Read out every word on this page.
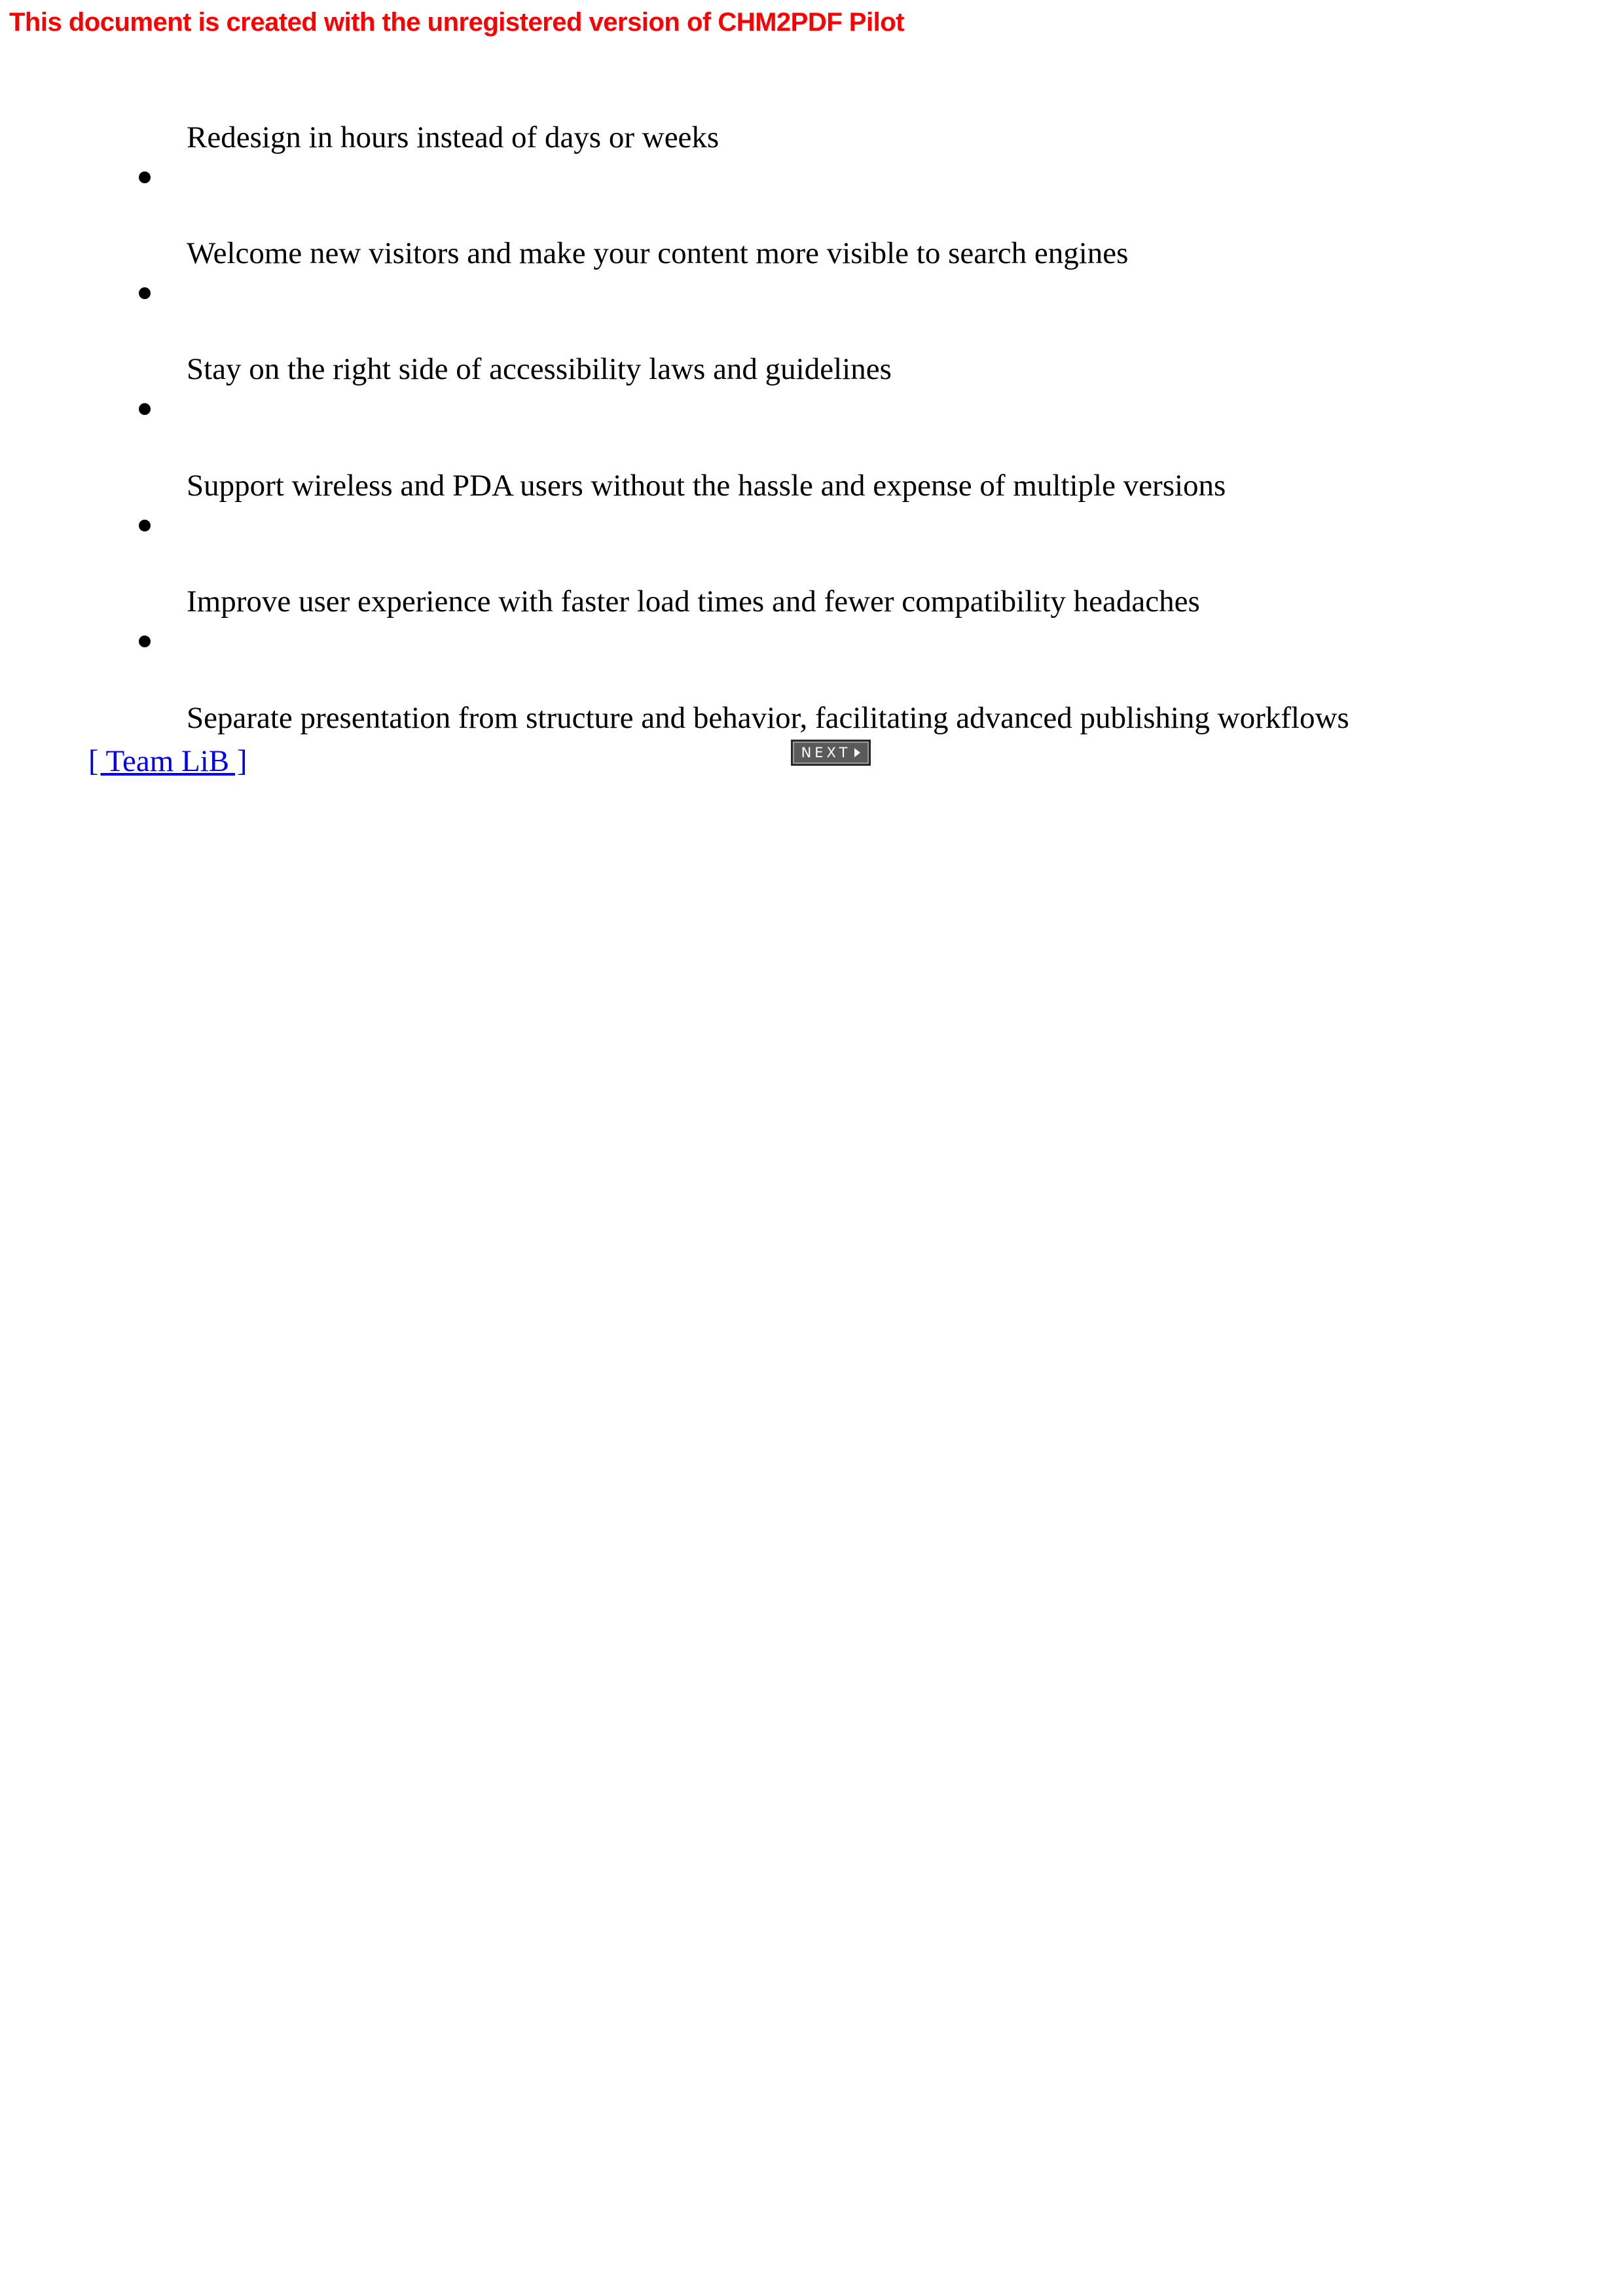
This document is created with the unregistered version of CHM2PDF Pilot
Redesign in hours instead of days or weeks
Welcome new visitors and make your content more visible to search engines
Stay on the right side of accessibility laws and guidelines
Support wireless and PDA users without the hassle and expense of multiple versions
Improve user experience with faster load times and fewer compatibility headaches
Separate presentation from structure and behavior, facilitating advanced publishing workflows
[ Team LiB ]	NEXT
